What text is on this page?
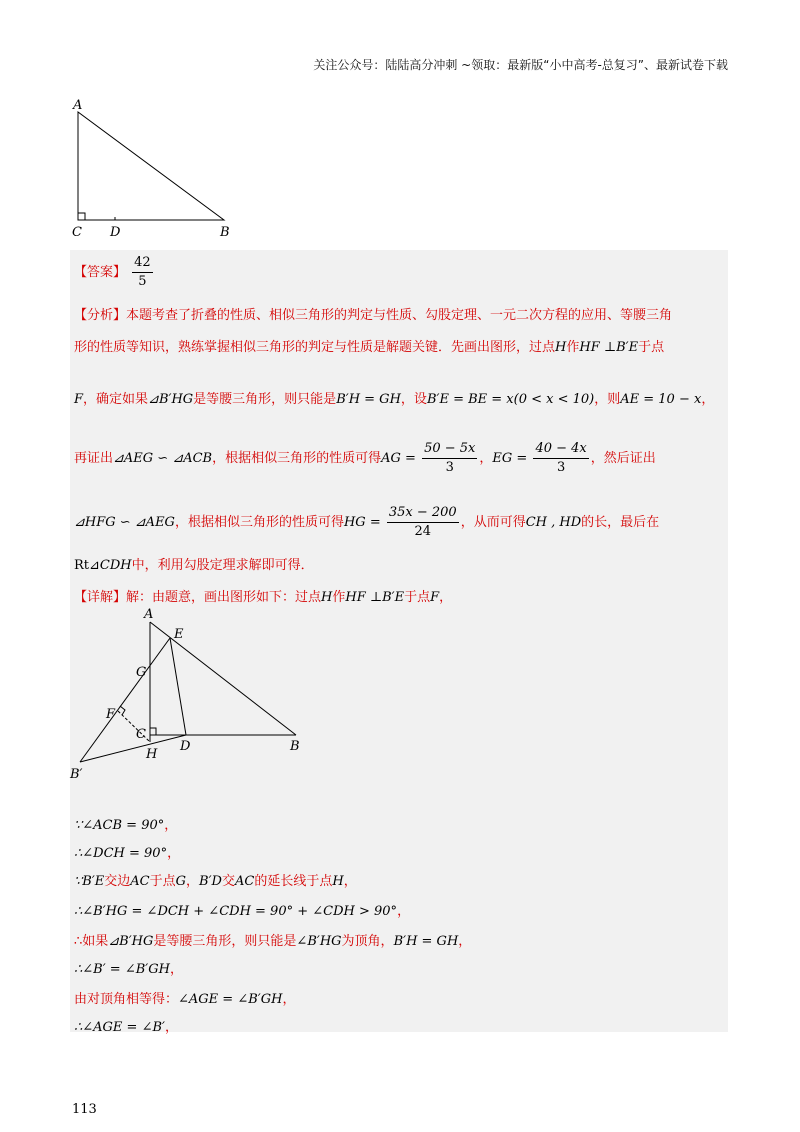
关注公众号：陆陆高分冲刺 ~领取：最新版“小中高考-总复习”、最新试卷下载
A
C D	B
【答案】 $\frac{42}{5}$
【分析】本题考查了折叠的性质、相似三角形的判定与性质、勾股定理、一元二次方程的应用、等腰三角
形的性质等知识，熟练掌握相似三角形的判定与性质是解题关键．先画出图形，过点H作HF ⊥B′E于点
F，确定如果⊿B′HG是等腰三角形，则只能是B′H = GH，设B′E = BE = x(0 < x < 10)，则AE = 10 − x，
再证出⊿AEG ∽ ⊿ACB，根据相似三角形的性质可得AG = $\frac{50 - 5x}{3}$ ，EG = $\frac{40 - 4x}{3}$ ，然后证出
⊿HFG ∽ ⊿AEG，根据相似三角形的性质可得HG = $\frac{35x - 200}{24}$ ，从而可得CH , HD的长，最后在
Rt⊿CDH中，利用勾股定理求解即可得．
【详解】解：由题意，画出图形如下：过点H作HF ⊥B′E于点F，
A
E
G
F
C
D
H
B
B′
∵∠ACB = 90°，
∴∠DCH = 90°，
∵B′E交边AC于点G，B′D交AC的延长线于点H，
∴∠B′HG = ∠DCH + ∠CDH = 90° + ∠CDH > 90°，
∴如果⊿B′HG是等腰三角形，则只能是∠B′HG为顶角，B′H = GH，
∴∠B′ = ∠B′GH，
由对顶角相等得：∠AGE = ∠B′GH，
∴∠AGE = ∠B′，
113
